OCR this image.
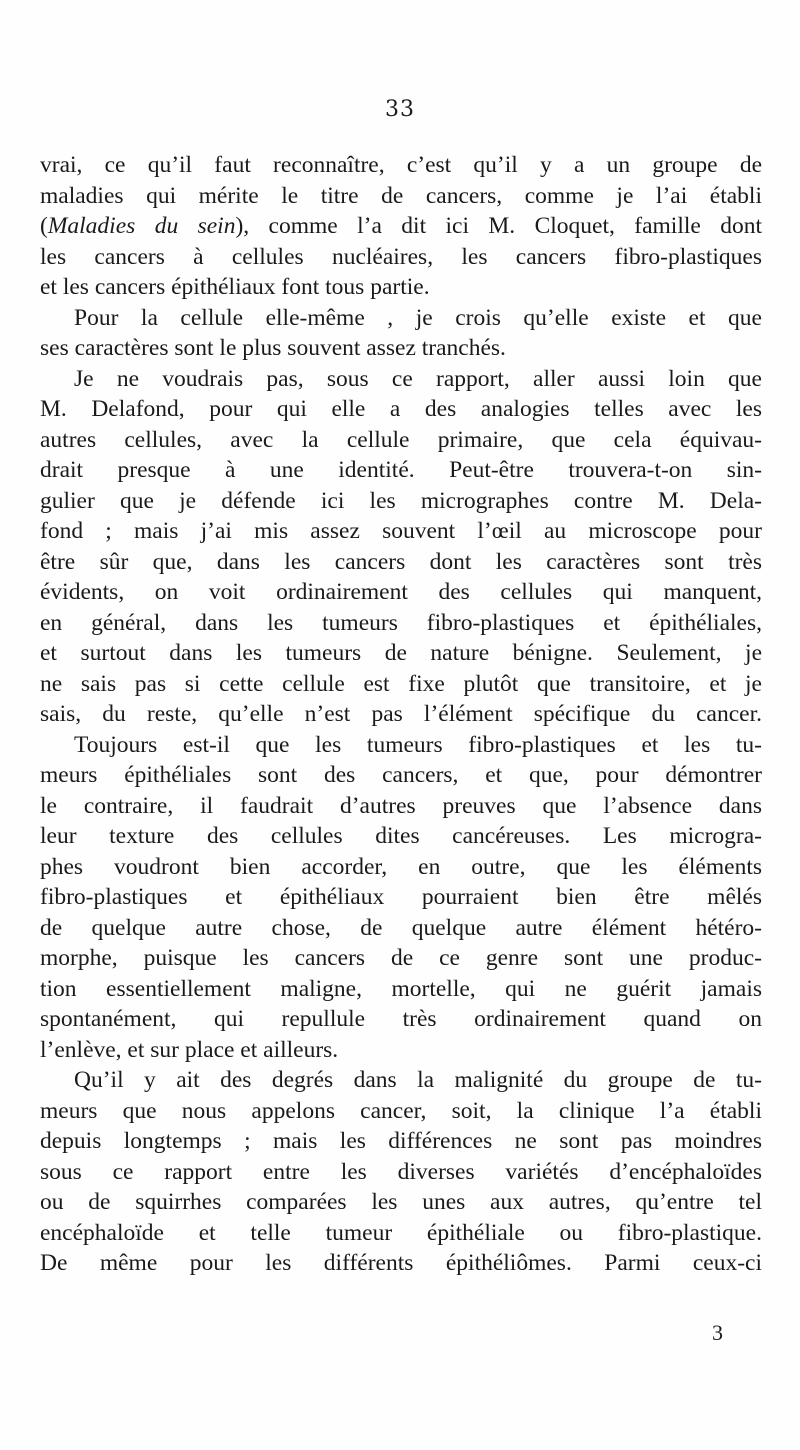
33
vrai, ce qu’il faut reconnaître, c’est qu’il y a un groupe de
maladies qui mérite le titre de cancers, comme je l’ai établi
(Maladies du sein), comme l’a dit ici M. Cloquet, famille dont
les cancers à cellules nucléaires, les cancers fibro-plastiques
et les cancers épithéliaux font tous partie.
Pour la cellule elle-même , je crois qu’elle existe et que
ses caractères sont le plus souvent assez tranchés.
Je ne voudrais pas, sous ce rapport, aller aussi loin que
M. Delafond, pour qui elle a des analogies telles avec les
autres cellules, avec la cellule primaire, que cela équivau-
drait presque à une identité. Peut-être trouvera-t-on sin-
gulier que je défende ici les micrographes contre M. Dela-
fond ; mais j’ai mis assez souvent l’œil au microscope pour
être sûr que, dans les cancers dont les caractères sont très
évidents, on voit ordinairement des cellules qui manquent,
en général, dans les tumeurs fibro-plastiques et épithéliales,
et surtout dans les tumeurs de nature bénigne. Seulement, je
ne sais pas si cette cellule est fixe plutôt que transitoire, et je
sais, du reste, qu’elle n’est pas l’élément spécifique du cancer.
Toujours est-il que les tumeurs fibro-plastiques et les tu-
meurs épithéliales sont des cancers, et que, pour démontrer
le contraire, il faudrait d’autres preuves que l’absence dans
leur texture des cellules dites cancéreuses. Les microgra-
phes voudront bien accorder, en outre, que les éléments
fibro-plastiques et épithéliaux pourraient bien être mêlés
de quelque autre chose, de quelque autre élément hétéro-
morphe, puisque les cancers de ce genre sont une produc-
tion essentiellement maligne, mortelle, qui ne guérit jamais
spontanément, qui repullule très ordinairement quand on
l’enlève, et sur place et ailleurs.
Qu’il y ait des degrés dans la malignité du groupe de tu-
meurs que nous appelons cancer, soit, la clinique l’a établi
depuis longtemps ; mais les différences ne sont pas moindres
sous ce rapport entre les diverses variétés d’encéphaloïdes
ou de squirrhes comparées les unes aux autres, qu’entre tel
encéphaloïde et telle tumeur épithéliale ou fibro-plastique.
De même pour les différents épithéliômes. Parmi ceux-ci
3
